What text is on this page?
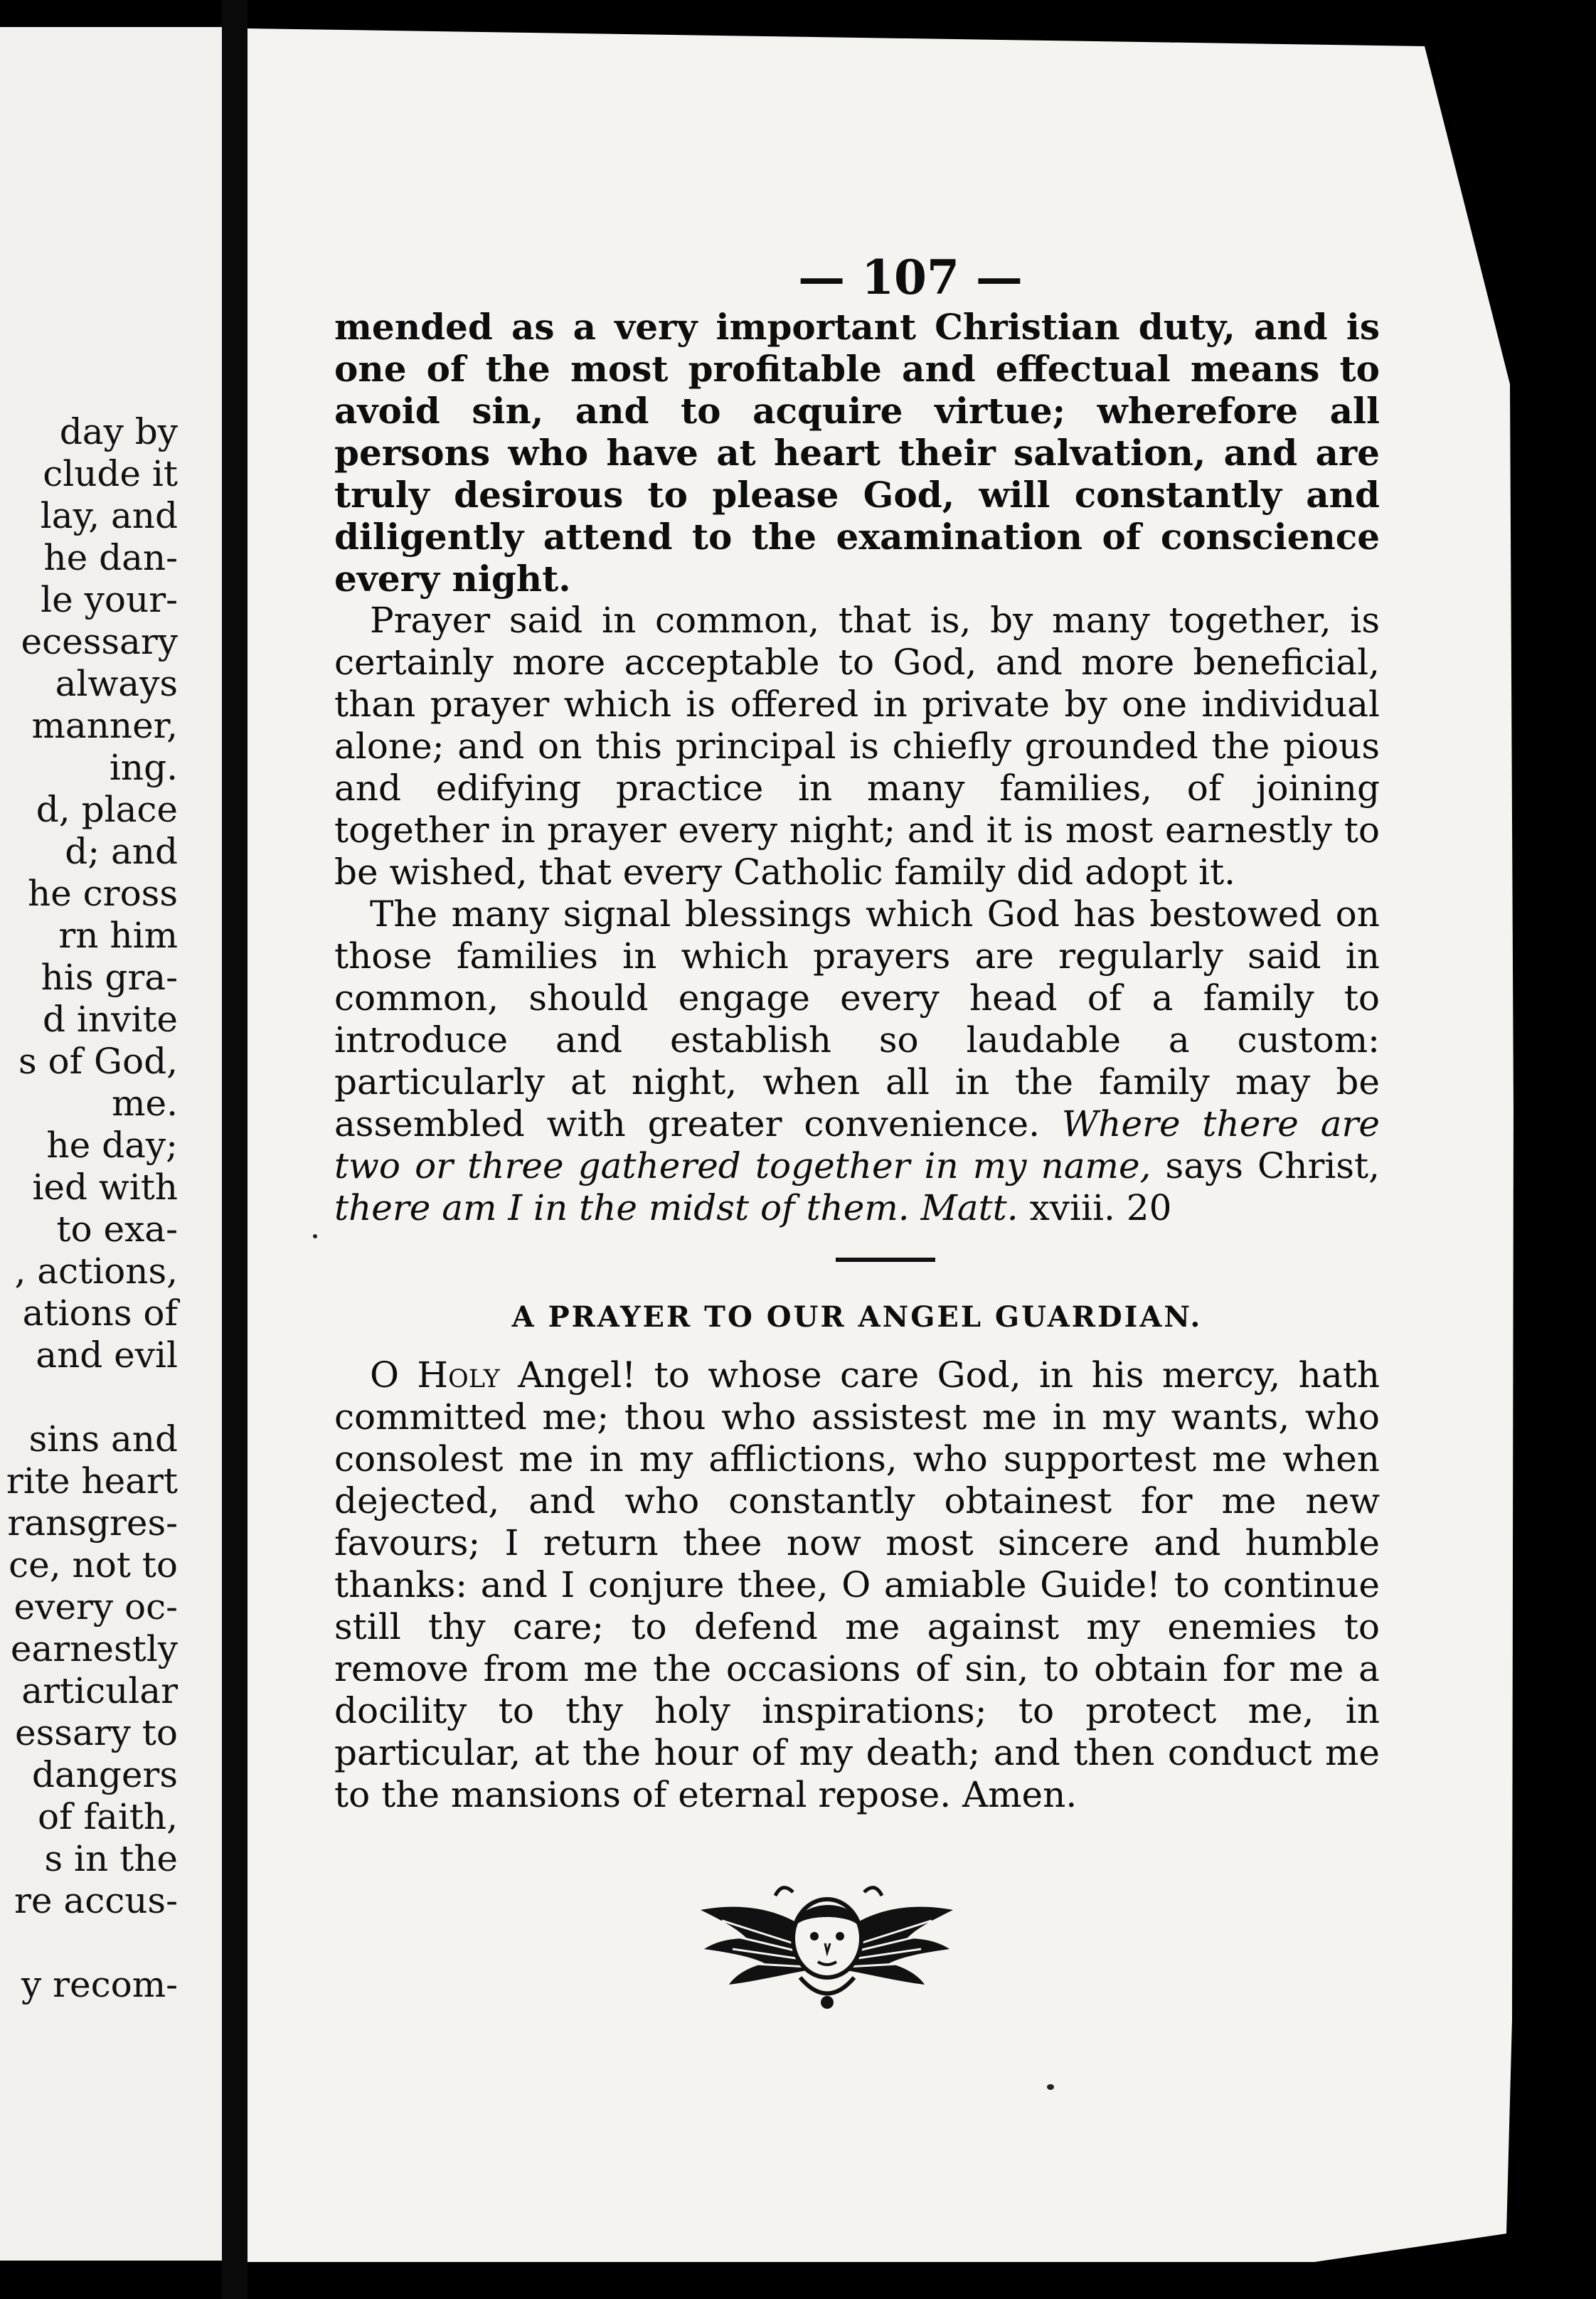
day by
clude it
lay, and
he dan-
le your-
ecessary
always
manner,
ing.
d, place
d; and
he cross
rn him
his gra-
d invite
s of God,
me.
he day;
ied with
to exa-
, actions,
ations of
and evil

sins and
rite heart
ransgres-
ce, not to
every oc-
earnestly
articular
essary to
dangers
of faith,
s in the
re accus-

y recom-
— 107 —

mended as a very important Christian duty, and is one of the most profitable and effectual means to avoid sin, and to acquire virtue; wherefore all persons who have at heart their salvation, and are truly desirous to please God, will constantly and diligently attend to the examination of conscience every night.

Prayer said in common, that is, by many together, is certainly more acceptable to God, and more beneficial, than prayer which is offered in private by one individual alone; and on this principal is chiefly grounded the pious and edifying practice in many families, of joining together in prayer every night; and it is most earnestly to be wished, that every Catholic family did adopt it.

The many signal blessings which God has bestowed on those families in which prayers are regularly said in common, should engage every head of a family to introduce and establish so laudable a custom: particularly at night, when all in the family may be assembled with greater convenience. Where there are two or three gathered together in my name, says Christ, there am I in the midst of them. Matt. xviii. 20

A PRAYER TO OUR ANGEL GUARDIAN.

O Holy Angel! to whose care God, in his mercy, hath committed me; thou who assistest me in my wants, who consolest me in my afflictions, who supportest me when dejected, and who constantly obtainest for me new favours; I return thee now most sincere and humble thanks: and I conjure thee, O amiable Guide! to continue still thy care; to defend me against my enemies to remove from me the occasions of sin, to obtain for me a docility to thy holy inspirations; to protect me, in particular, at the hour of my death; and then conduct me to the mansions of eternal repose. Amen.
